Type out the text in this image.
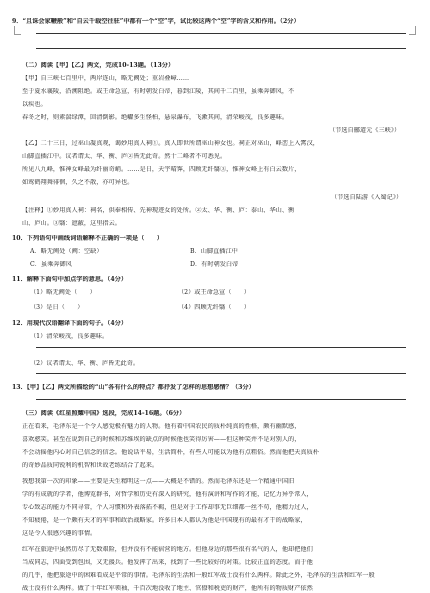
9．“且诛会家鞭般”和“自云千载空往驻”中都有一个“空”字，试比较这两个“空”字的含义和作用。（2分）
（二）阅读【甲】【乙】两文，完成10-13题。（13分）
【甲】自三峡七百里中，两岸连山，略无阙处；重岩叠嶂……
至于夏水襄陵，沿溯阻绝。或王命急宣，有时朝发白帝，暮到江陵，其间千二百里，虽乘奔御风，不
以疾也。
春冬之时，则素湍绿潭，回清倒影。绝巘多生怪柏，悬泉瀑布，飞漱其间，清荣峻茂，良多趣味。
（节选自郦道元《三峡》）
【乙】二十三日，过巫山凝真观，谒妙用真人祠①。真人即世所谓巫山神女也。祠正对巫山，峰峦上入霄汉，
山脚直插江中。议者谓太、华、衡、庐②皆无此奇。然十二峰者不可悉见。
所见八九峰，惟神女峰最为纤丽奇峭。……是日，天宇晴霁，四顾无纤翳③，惟神女峰上有白云数片，
如鸾鹤翔舞徘徊，久之不散，亦可异也。
（节选自陆游《入蜀记》）
【注释】①妙用真人祠：祠名，供奉相传、先神现迹女的处所。②太、华、衡、庐：泰山、华山、衡
山、庐山。③翳：遮蔽，这里指云。
10．下列语句中画线词语解释不正确的一项是（　　）
A．略无阙处（阙：空缺）	B．山脚直插江中
C．虽乘奔御风	D．有时朝发白帝
11．解释下面句中加点字的意思。（4分）
（1）略无阙处（　　）	（2）或王命急宣（　　）
（3）是日（　　）	（4）四顾无纤翳（　　）
12．用现代汉语翻译下面的句子。（4分）
（1）清荣峻茂，良多趣味。
（2）议者谓太、华、衡、庐皆无此奇。
13．【甲】【乙】两文所描绘的“山”各有什么的特点？都抒发了怎样的思想感情？（3分）
（三）阅读《红星照耀中国》选段，完成14-16题。（6分）
正在看来，毛泽东是一个令人感觉极有魅力的人物。他有着中国农民的质朴纯真的性格，颇有幽默感，
喜欢憨笑。甚至在说到自己的时候和苏维埃的缺点的时候他也笑得厉害——但这种笑并不是对别人的，
不会动摇他内心对自己信念的信念。他说话平易，生活简朴，有些人可能以为他有点粗俗。然而他把天真质朴
的奇妙品质同锐利的机智和世故老练结合了起来。
我想我第一次的印象——主要是天生精明这一点——大概是不错的。然而毛泽东还是一个精通中国旧
学的有成就的学者，他博览群书，对哲学和历史有深入的研究，他有演讲和写作的才能，记忆力异乎常人，
专心致志的能力不同寻常，个人习惯和外表落拓不羁，但是对于工作却事无巨细都一丝不苟，他精力过人，
不知疲倦，是一个颇有天才的军事和政治战略家。许多日本人都认为他是中国现有的最有才干的战略家，
这是令人很感兴趣的事情。
红军在旅途中虽然历尽了无数艰险，但并没有不能宿营的地方。但他身边的那些很有名气的人，他却把他们
当成同志，四面受到包围，又无援兵。他发挥了出来，找到了一些比较好的对策。比较正直的态度。而于他
的几乎，他把旅途中的困难看成是平常的事情。毛泽东的生活和一般红军战士没有什么两样。除此之外，毛泽东的生活和红军一般
战士没有什么两样。做了十年红军领袖，千百次地没收了地主、官僚和税吏的财产，他所有的物质财产依然
